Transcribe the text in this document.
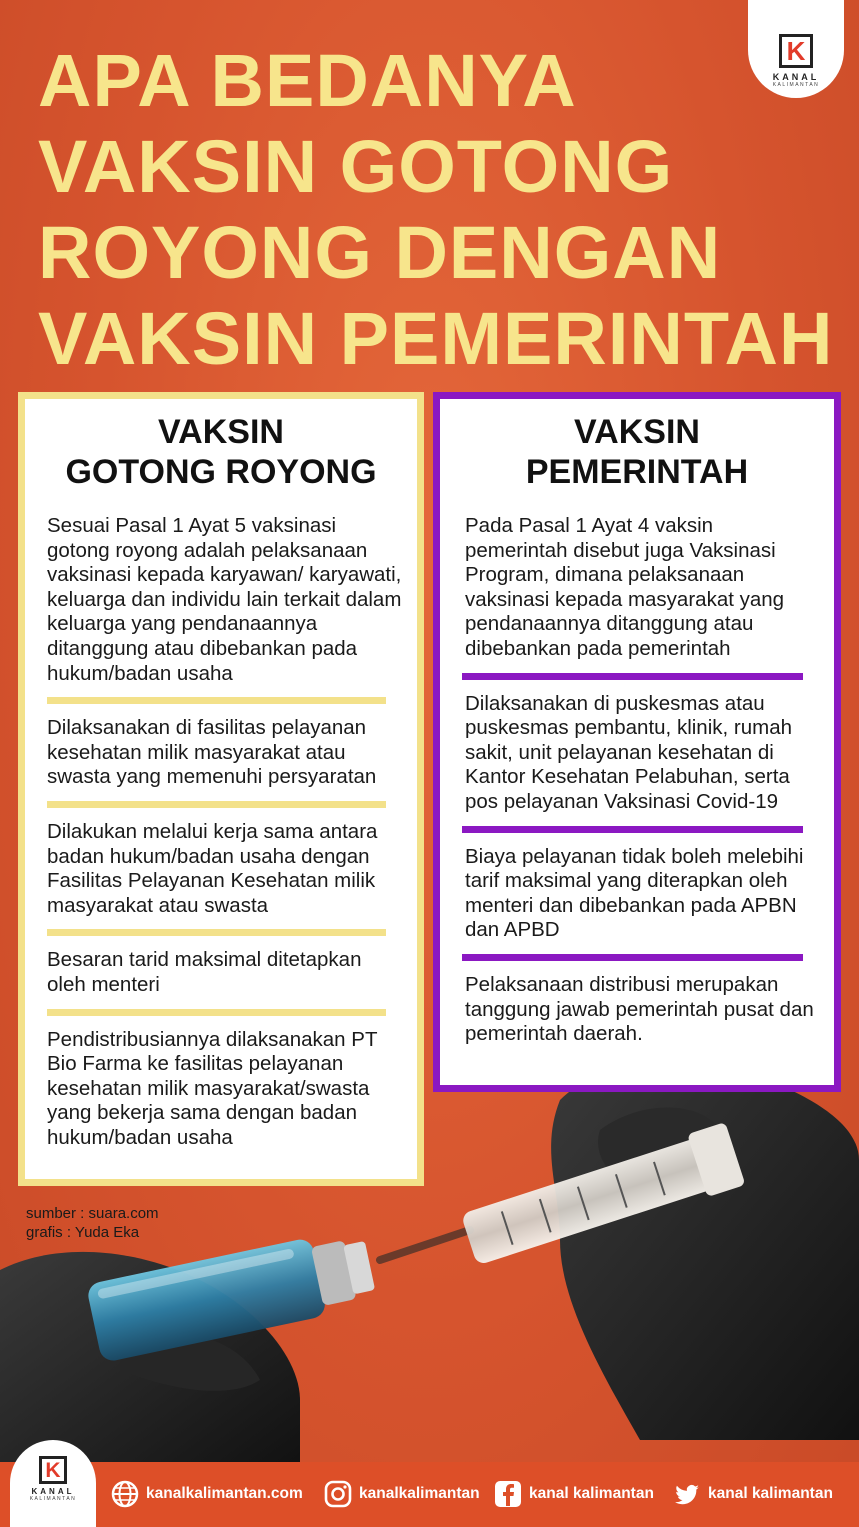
K
KANAL
KALIMANTAN
APA BEDANYA
VAKSIN GOTONG
ROYONG DENGAN
VAKSIN PEMERINTAH
VAKSIN
GOTONG ROYONG
Sesuai Pasal 1 Ayat 5 vaksinasi gotong royong adalah pelaksanaan vaksinasi kepada karyawan/ karyawati, keluarga dan individu lain terkait dalam keluarga yang pendanaannya ditanggung atau dibebankan pada hukum/badan usaha
Dilaksanakan di fasilitas pelayanan kesehatan milik masyarakat atau swasta yang memenuhi persyaratan
Dilakukan melalui kerja sama antara badan hukum/badan usaha dengan Fasilitas Pelayanan Kesehatan milik masyarakat atau swasta
Besaran tarid maksimal ditetapkan oleh menteri
Pendistribusiannya dilaksanakan PT Bio Farma ke fasilitas pelayanan kesehatan milik masyarakat/swasta yang bekerja sama dengan badan hukum/badan usaha
VAKSIN
PEMERINTAH
Pada Pasal 1 Ayat 4 vaksin pemerintah disebut juga Vaksinasi Program, dimana pelaksanaan vaksinasi kepada masyarakat yang pendanaannya ditanggung atau dibebankan pada pemerintah
Dilaksanakan di puskesmas atau puskesmas pembantu, klinik, rumah sakit, unit pelayanan kesehatan di Kantor Kesehatan Pelabuhan, serta pos pelayanan Vaksinasi Covid-19
Biaya pelayanan tidak boleh melebihi tarif maksimal yang diterapkan oleh menteri dan dibebankan pada APBN dan APBD
Pelaksanaan distribusi merupakan tanggung jawab pemerintah pusat dan pemerintah daerah.
sumber : suara.com
grafis : Yuda Eka
K
KANAL
KALIMANTAN	kanalkalimantan.com	kanalkalimantan	kanal kalimantan	kanal kalimantan
